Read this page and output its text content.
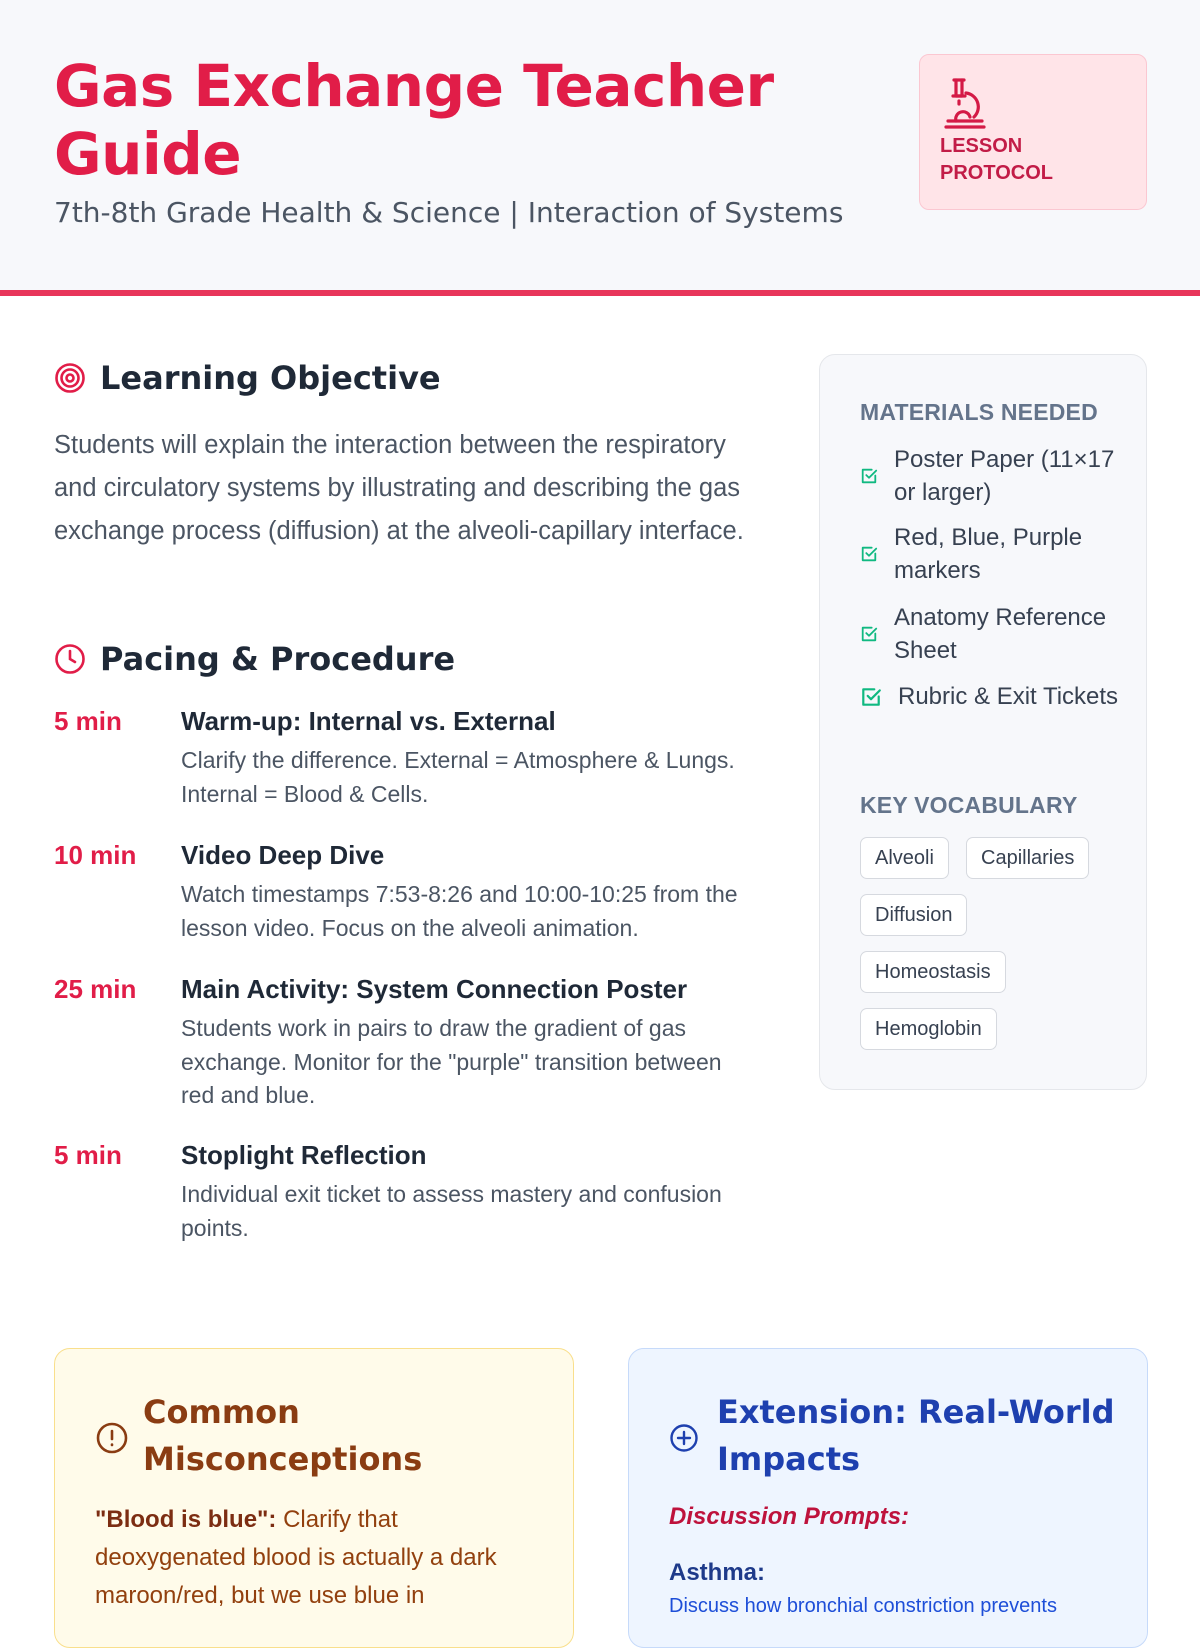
Gas Exchange Teacher Guide
7th-8th Grade Health & Science | Interaction of Systems
LESSON PROTOCOL
Learning Objective

Students will explain the interaction between the respiratory and circulatory systems by illustrating and describing the gas exchange process (diffusion) at the alveoli-capillary interface.

Pacing & Procedure
5 min Warm-up: Internal vs. External

Clarify the difference. External = Atmosphere & Lungs. Internal = Blood & Cells.

10 min Video Deep Dive

Watch timestamps 7:53-8:26 and 10:00-10:25 from the lesson video. Focus on the alveoli animation.

25 min Main Activity: System Connection Poster

Students work in pairs to draw the gradient of gas exchange. Monitor for the "purple" transition between red and blue.

5 min Stoplight Reflection

Individual exit ticket to assess mastery and confusion points.

MATERIALS NEEDED
Poster Paper (11×17 or larger)
Red, Blue, Purple markers
Anatomy Reference Sheet
Rubric & Exit Tickets
KEY VOCABULARY
Alveoli	Capillaries
Diffusion
Homeostasis
Hemoglobin
Common Misconceptions

"Blood is blue": Clarify that deoxygenated blood is actually a dark maroon/red, but we use blue in

Extension: Real-World Impacts
Discussion Prompts:
Asthma:

Discuss how bronchial constriction prevents
